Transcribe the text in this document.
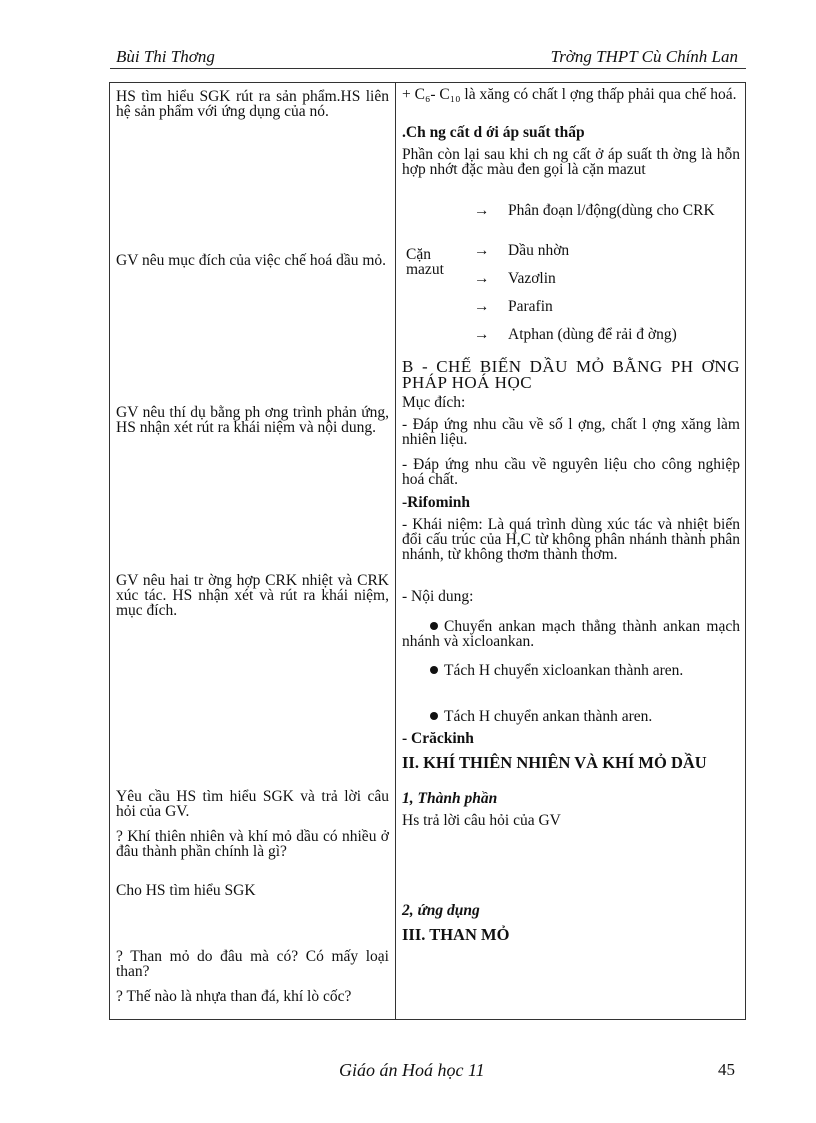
Bùi Thi Thơng	Trờng THPT Cù Chính Lan
HS tìm hiểu SGK rút ra sản phẩm.HS liên hệ sản phẩm với ứng dụng của nó.
GV nêu mục đích của việc chế hoá dầu mỏ.
GV nêu thí dụ bằng ph ơng trình phản ứng, HS nhận xét rút ra khái niệm và nội dung.
GV nêu hai tr ờng hợp CRK nhiệt và CRK xúc tác. HS nhận xét và rút ra khái niệm, mục đích.
Yêu cầu HS tìm hiểu SGK và trả lời câu hỏi của GV.
? Khí thiên nhiên và khí mỏ dầu có nhiều ở đâu thành phần chính là gì?
Cho HS tìm hiểu SGK
? Than mỏ do đâu mà có? Có mấy loại than?
? Thế nào là nhựa than đá, khí lò cốc?
+ C₆- C₁₀ là xăng có chất l ợng thấp phải qua chế hoá.
.Ch ng cất d ới áp suất thấp
Phần còn lại sau khi ch ng cất ở áp suất th ờng là hỗn hợp nhớt đặc màu đen gọi là cặn mazut
Cặn
mazut
→ Phân đoạn l/động(dùng cho CRK
→ Dầu nhờn
→ Vazơlin
→ Parafin
→ Atphan (dùng để rải đ ờng)
B - CHẾ BIẾN DẦU MỎ BẰNG PH ƠNG PHÁP HOÁ HỌC
Mục đích:
- Đáp ứng nhu cầu về số l ợng, chất l ợng xăng làm nhiên liệu.
- Đáp ứng nhu cầu về nguyên liệu cho công nghiệp hoá chất.
-Rifominh
- Khái niệm: Là quá trình dùng xúc tác và nhiệt biến đổi cấu trúc của H,C từ không phân nhánh thành phân nhánh, từ không thơm thành thơm.
- Nội dung:
Chuyển ankan mạch thẳng thành ankan mạch nhánh và xicloankan.
Tách H chuyển xicloankan thành aren.
Tách H chuyển ankan thành aren.
- Crăckinh
II. KHÍ THIÊN NHIÊN VÀ KHÍ MỎ DẦU
1, Thành phần
Hs trả lời câu hỏi của GV
2, ứng dụng
III. THAN MỎ
Giáo án Hoá học 11	45
